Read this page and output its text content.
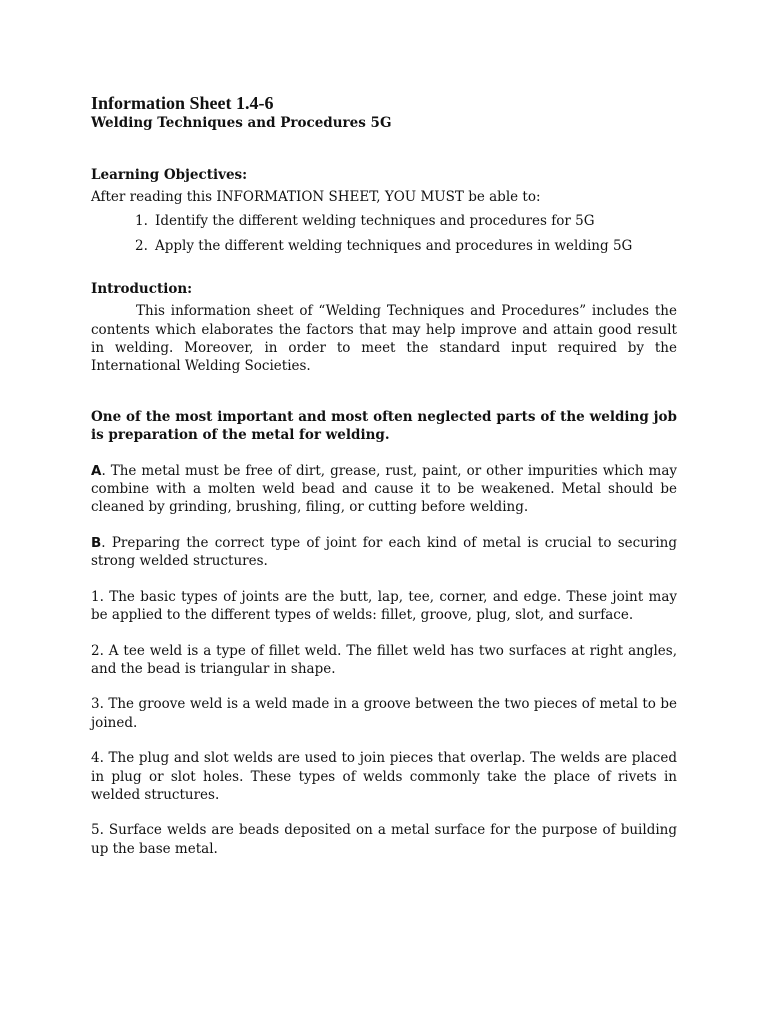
Information Sheet 1.4-6
Welding Techniques and Procedures 5G
Learning Objectives:

After reading this INFORMATION SHEET, YOU MUST be able to:

1. Identify the different welding techniques and procedures for 5G
2. Apply the different welding techniques and procedures in welding 5G
Introduction:

This information sheet of “Welding Techniques and Procedures” includes the contents which elaborates the factors that may help improve and attain good result in welding. Moreover, in order to meet the standard input required by the International Welding Societies.

One of the most important and most often neglected parts of the welding job is preparation of the metal for welding.

A. The metal must be free of dirt, grease, rust, paint, or other impurities which may combine with a molten weld bead and cause it to be weakened. Metal should be cleaned by grinding, brushing, filing, or cutting before welding.

B. Preparing the correct type of joint for each kind of metal is crucial to securing strong welded structures.

1. The basic types of joints are the butt, lap, tee, corner, and edge. These joint may be applied to the different types of welds: fillet, groove, plug, slot, and surface.

2. A tee weld is a type of fillet weld. The fillet weld has two surfaces at right angles, and the bead is triangular in shape.

3. The groove weld is a weld made in a groove between the two pieces of metal to be joined.

4. The plug and slot welds are used to join pieces that overlap. The welds are placed in plug or slot holes. These types of welds commonly take the place of rivets in welded structures.

5. Surface welds are beads deposited on a metal surface for the purpose of building up the base metal.
